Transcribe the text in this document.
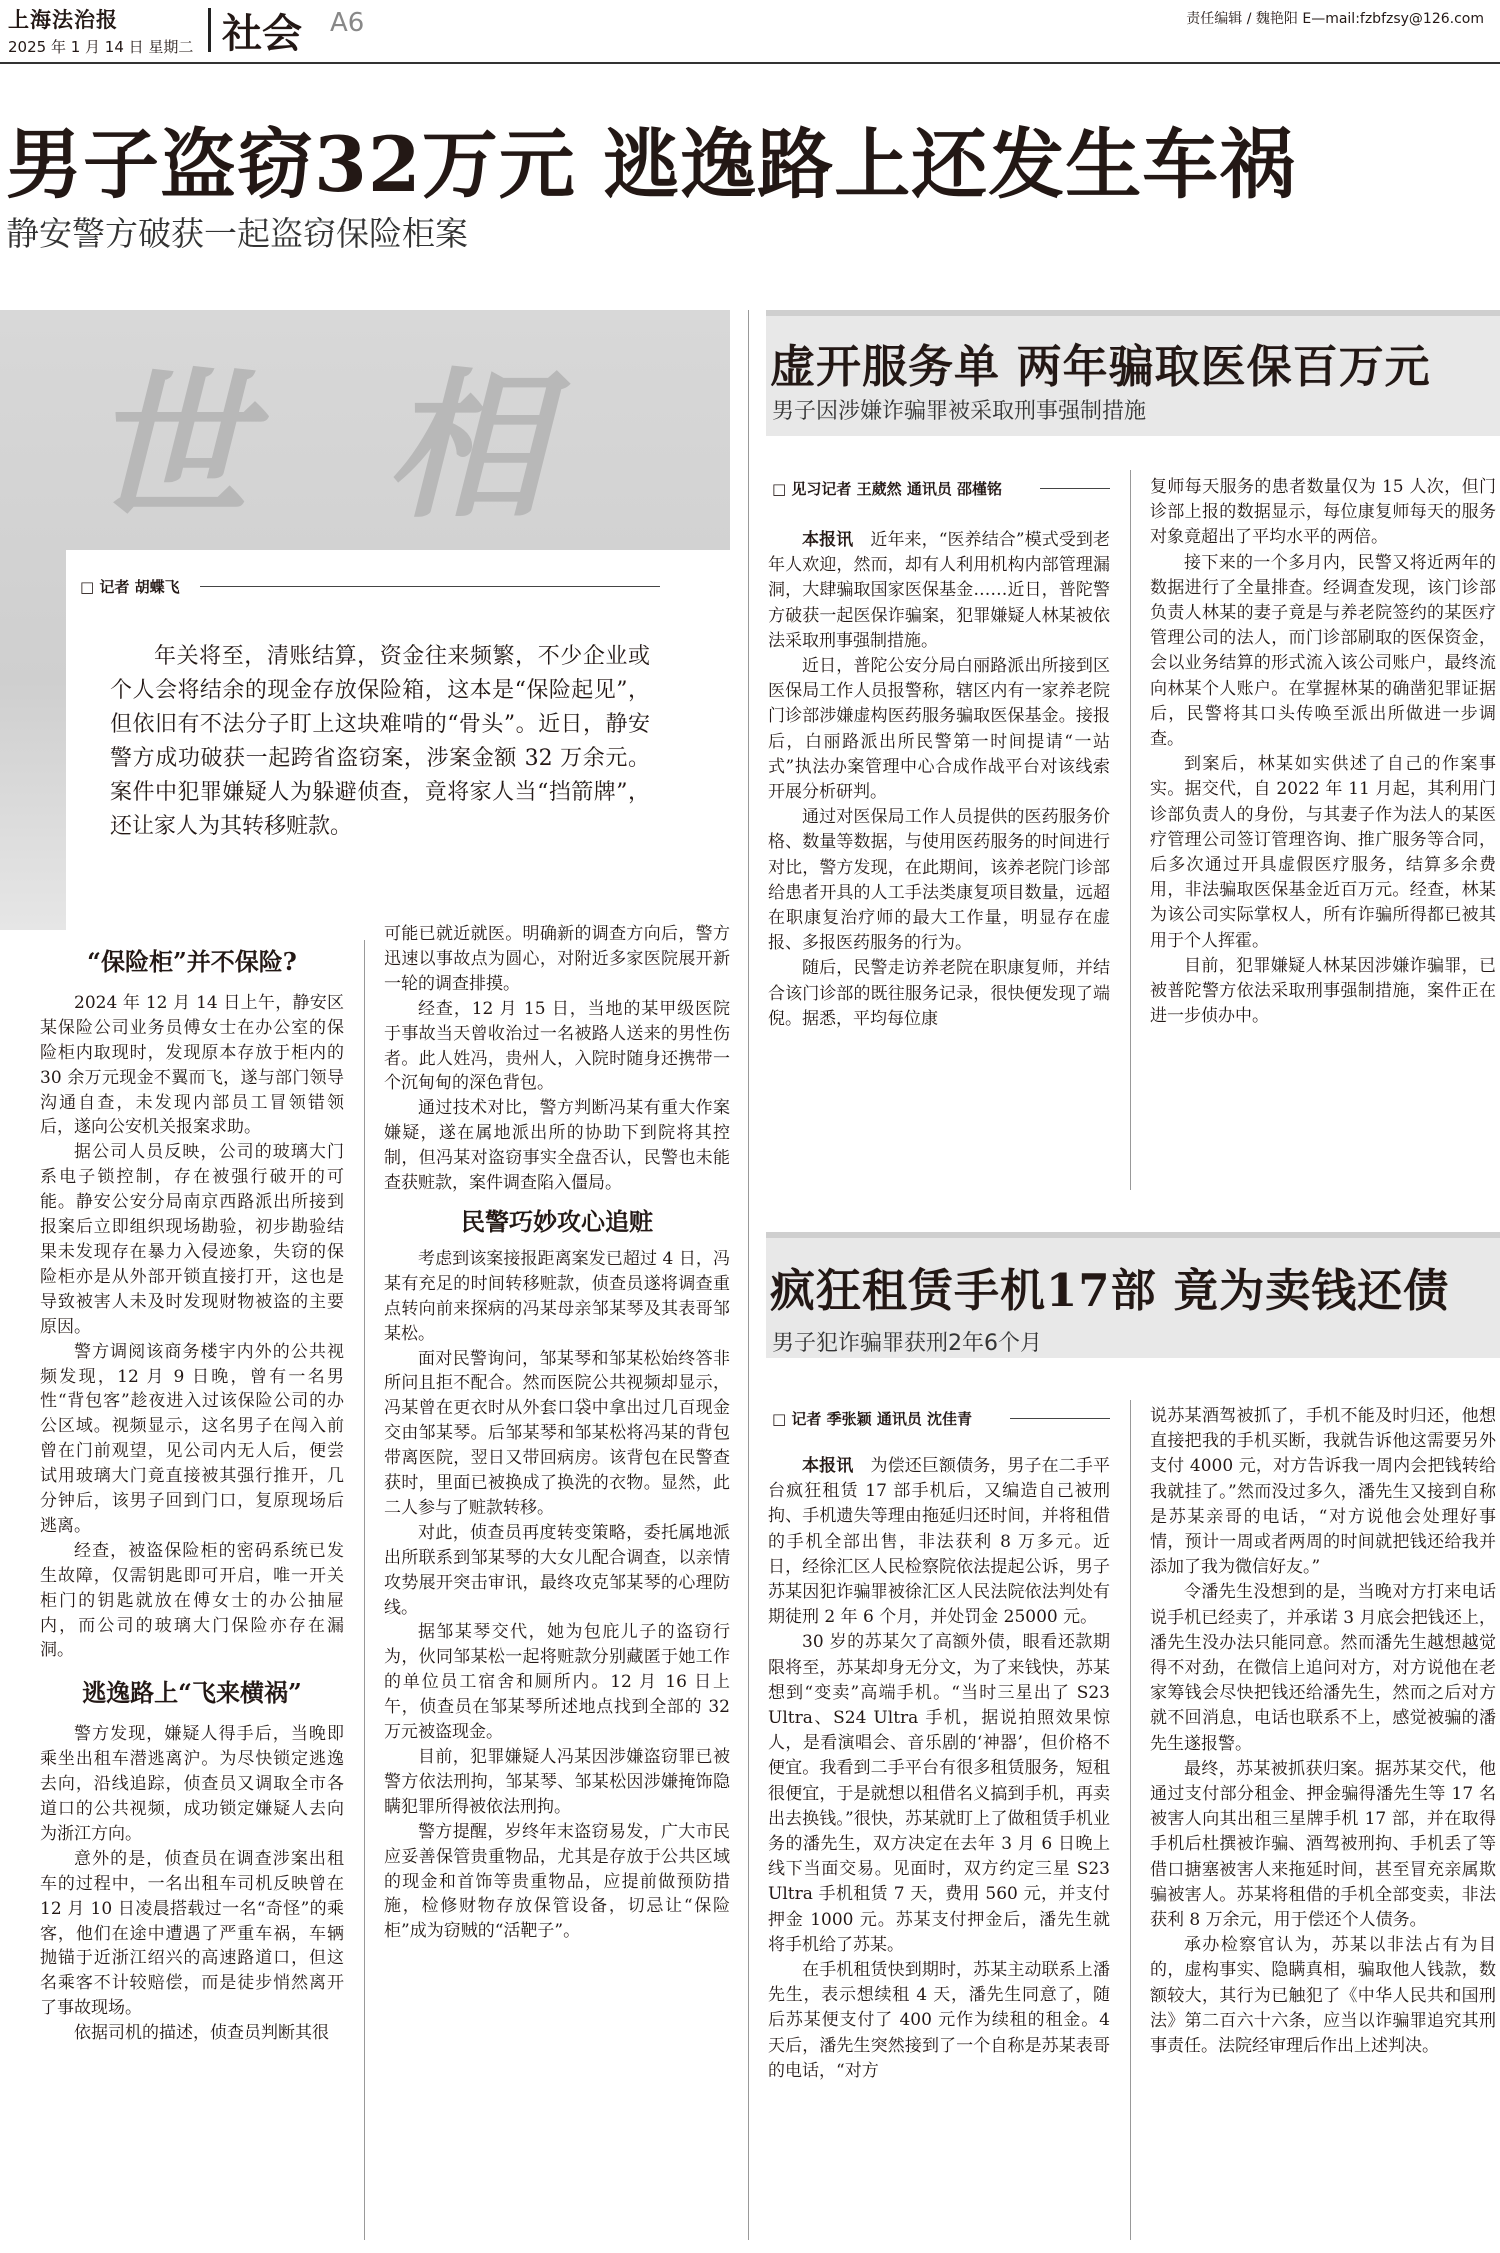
上海法治报
2025 年 1 月 14 日 星期二 社会 A6	责任编辑 / 魏艳阳 E—mail:fzbfzsy@126.com
男子盗窃32万元 逃逸路上还发生车祸
静安警方破获一起盗窃保险柜案
世 相
□ 记者 胡蝶飞
年关将至，清账结算，资金往来频繁，不少企业或个人会将结余的现金存放保险箱，这本是“保险起见”，但依旧有不法分子盯上这块难啃的“骨头”。近日，静安警方成功破获一起跨省盗窃案，涉案金额 32 万余元。案件中犯罪嫌疑人为躲避侦查，竟将家人当“挡箭牌”，还让家人为其转移赃款。
“保险柜”并不保险?

2024 年 12 月 14 日上午，静安区某保险公司业务员傅女士在办公室的保险柜内取现时，发现原本存放于柜内的 30 余万元现金不翼而飞，遂与部门领导沟通自查，未发现内部员工冒领错领后，遂向公安机关报案求助。

据公司人员反映，公司的玻璃大门系电子锁控制，存在被强行破开的可能。静安公安分局南京西路派出所接到报案后立即组织现场勘验，初步勘验结果未发现存在暴力入侵迹象，失窃的保险柜亦是从外部开锁直接打开，这也是导致被害人未及时发现财物被盗的主要原因。

警方调阅该商务楼宇内外的公共视频发现，12 月 9 日晚，曾有一名男性“背包客”趁夜进入过该保险公司的办公区域。视频显示，这名男子在闯入前曾在门前观望，见公司内无人后，便尝试用玻璃大门竟直接被其强行推开，几分钟后，该男子回到门口，复原现场后逃离。

经查，被盗保险柜的密码系统已发生故障，仅需钥匙即可开启，唯一开关柜门的钥匙就放在傅女士的办公抽屉内，而公司的玻璃大门保险亦存在漏洞。

逃逸路上“飞来横祸”

警方发现，嫌疑人得手后，当晚即乘坐出租车潜逃离沪。为尽快锁定逃逸去向，沿线追踪，侦查员又调取全市各道口的公共视频，成功锁定嫌疑人去向为浙江方向。

意外的是，侦查员在调查涉案出租车的过程中，一名出租车司机反映曾在 12 月 10 日凌晨搭载过一名“奇怪”的乘客，他们在途中遭遇了严重车祸，车辆抛锚于近浙江绍兴的高速路道口，但这名乘客不计较赔偿，而是徒步悄然离开了事故现场。

依据司机的描述，侦查员判断其很

可能已就近就医。明确新的调查方向后，警方迅速以事故点为圆心，对附近多家医院展开新一轮的调查排摸。

经查，12 月 15 日，当地的某甲级医院于事故当天曾收治过一名被路人送来的男性伤者。此人姓冯，贵州人，入院时随身还携带一个沉甸甸的深色背包。

通过技术对比，警方判断冯某有重大作案嫌疑，遂在属地派出所的协助下到院将其控制，但冯某对盗窃事实全盘否认，民警也未能查获赃款，案件调查陷入僵局。

民警巧妙攻心追赃

考虑到该案接报距离案发已超过 4 日，冯某有充足的时间转移赃款，侦查员遂将调查重点转向前来探病的冯某母亲邹某琴及其表哥邹某松。

面对民警询问，邹某琴和邹某松始终答非所问且拒不配合。然而医院公共视频却显示，冯某曾在更衣时从外套口袋中拿出过几百现金交由邹某琴。后邹某琴和邹某松将冯某的背包带离医院，翌日又带回病房。该背包在民警查获时，里面已被换成了换洗的衣物。显然，此二人参与了赃款转移。

对此，侦查员再度转变策略，委托属地派出所联系到邹某琴的大女儿配合调查，以亲情攻势展开突击审讯，最终攻克邹某琴的心理防线。

据邹某琴交代，她为包庇儿子的盗窃行为，伙同邹某松一起将赃款分别藏匿于她工作的单位员工宿舍和厕所内。12 月 16 日上午，侦查员在邹某琴所述地点找到全部的 32 万元被盗现金。

目前，犯罪嫌疑人冯某因涉嫌盗窃罪已被警方依法刑拘，邹某琴、邹某松因涉嫌掩饰隐瞒犯罪所得被依法刑拘。

警方提醒，岁终年末盗窃易发，广大市民应妥善保管贵重物品，尤其是存放于公共区域的现金和首饰等贵重物品，应提前做预防措施，检修财物存放保管设备，切忌让“保险柜”成为窃贼的“活靶子”。

虚开服务单 两年骗取医保百万元
男子因涉嫌诈骗罪被采取刑事强制措施
□ 见习记者 王葳然 通讯员 邵槿铭

本报讯　 近年来，“医养结合”模式受到老年人欢迎，然而，却有人利用机构内部管理漏洞，大肆骗取国家医保基金……近日，普陀警方破获一起医保诈骗案，犯罪嫌疑人林某被依法采取刑事强制措施。

近日，普陀公安分局白丽路派出所接到区医保局工作人员报警称，辖区内有一家养老院门诊部涉嫌虚构医药服务骗取医保基金。接报后，白丽路派出所民警第一时间提请“一站式”执法办案管理中心合成作战平台对该线索开展分析研判。

通过对医保局工作人员提供的医药服务价格、数量等数据，与使用医药服务的时间进行对比，警方发现，在此期间，该养老院门诊部给患者开具的人工手法类康复项目数量，远超在职康复治疗师的最大工作量，明显存在虚报、多报医药服务的行为。

随后，民警走访养老院在职康复师，并结合该门诊部的既往服务记录，很快便发现了端倪。据悉，平均每位康

复师每天服务的患者数量仅为 15 人次，但门诊部上报的数据显示，每位康复师每天的服务对象竟超出了平均水平的两倍。

接下来的一个多月内，民警又将近两年的数据进行了全量排查。经调查发现，该门诊部负责人林某的妻子竟是与养老院签约的某医疗管理公司的法人，而门诊部刷取的医保资金，会以业务结算的形式流入该公司账户，最终流向林某个人账户。在掌握林某的确凿犯罪证据后，民警将其口头传唤至派出所做进一步调查。

到案后，林某如实供述了自己的作案事实。据交代，自 2022 年 11 月起，其利用门诊部负责人的身份，与其妻子作为法人的某医疗管理公司签订管理咨询、推广服务等合同，后多次通过开具虚假医疗服务，结算多余费用，非法骗取医保基金近百万元。经查，林某为该公司实际掌权人，所有诈骗所得都已被其用于个人挥霍。

目前，犯罪嫌疑人林某因涉嫌诈骗罪，已被普陀警方依法采取刑事强制措施，案件正在进一步侦办中。

疯狂租赁手机17部 竟为卖钱还债
男子犯诈骗罪获刑2年6个月
□ 记者 季张颖 通讯员 沈佳青

本报讯　 为偿还巨额债务，男子在二手平台疯狂租赁 17 部手机后，又编造自己被刑拘、手机遗失等理由拖延归还时间，并将租借的手机全部出售，非法获利 8 万多元。近日，经徐汇区人民检察院依法提起公诉，男子苏某因犯诈骗罪被徐汇区人民法院依法判处有期徒刑 2 年 6 个月，并处罚金 25000 元。

30 岁的苏某欠了高额外债，眼看还款期限将至，苏某却身无分文，为了来钱快，苏某想到“变卖”高端手机。“当时三星出了 S23 Ultra、S24 Ultra 手机，据说拍照效果惊人，是看演唱会、音乐剧的‘神器’，但价格不便宜。我看到二手平台有很多租赁服务，短租很便宜，于是就想以租借名义搞到手机，再卖出去换钱。”很快，苏某就盯上了做租赁手机业务的潘先生，双方决定在去年 3 月 6 日晚上线下当面交易。见面时，双方约定三星 S23 Ultra 手机租赁 7 天，费用 560 元，并支付押金 1000 元。苏某支付押金后，潘先生就将手机给了苏某。

在手机租赁快到期时，苏某主动联系上潘先生，表示想续租 4 天，潘先生同意了，随后苏某便支付了 400 元作为续租的租金。4 天后，潘先生突然接到了一个自称是苏某表哥的电话，“对方

说苏某酒驾被抓了，手机不能及时归还，他想直接把我的手机买断，我就告诉他这需要另外支付 4000 元，对方告诉我一周内会把钱转给我就挂了。”然而没过多久，潘先生又接到自称是苏某亲哥的电话，“对方说他会处理好事情，预计一周或者两周的时间就把钱还给我并添加了我为微信好友。”

令潘先生没想到的是，当晚对方打来电话说手机已经卖了，并承诺 3 月底会把钱还上，潘先生没办法只能同意。然而潘先生越想越觉得不对劲，在微信上追问对方，对方说他在老家筹钱会尽快把钱还给潘先生，然而之后对方就不回消息，电话也联系不上，感觉被骗的潘先生遂报警。

最终，苏某被抓获归案。据苏某交代，他通过支付部分租金、押金骗得潘先生等 17 名被害人向其出租三星牌手机 17 部，并在取得手机后杜撰被诈骗、酒驾被刑拘、手机丢了等借口搪塞被害人来拖延时间，甚至冒充亲属欺骗被害人。苏某将租借的手机全部变卖，非法获利 8 万余元，用于偿还个人债务。

承办检察官认为，苏某以非法占有为目的，虚构事实、隐瞒真相，骗取他人钱款，数额较大，其行为已触犯了《中华人民共和国刑法》第二百六十六条，应当以诈骗罪追究其刑事责任。法院经审理后作出上述判决。
